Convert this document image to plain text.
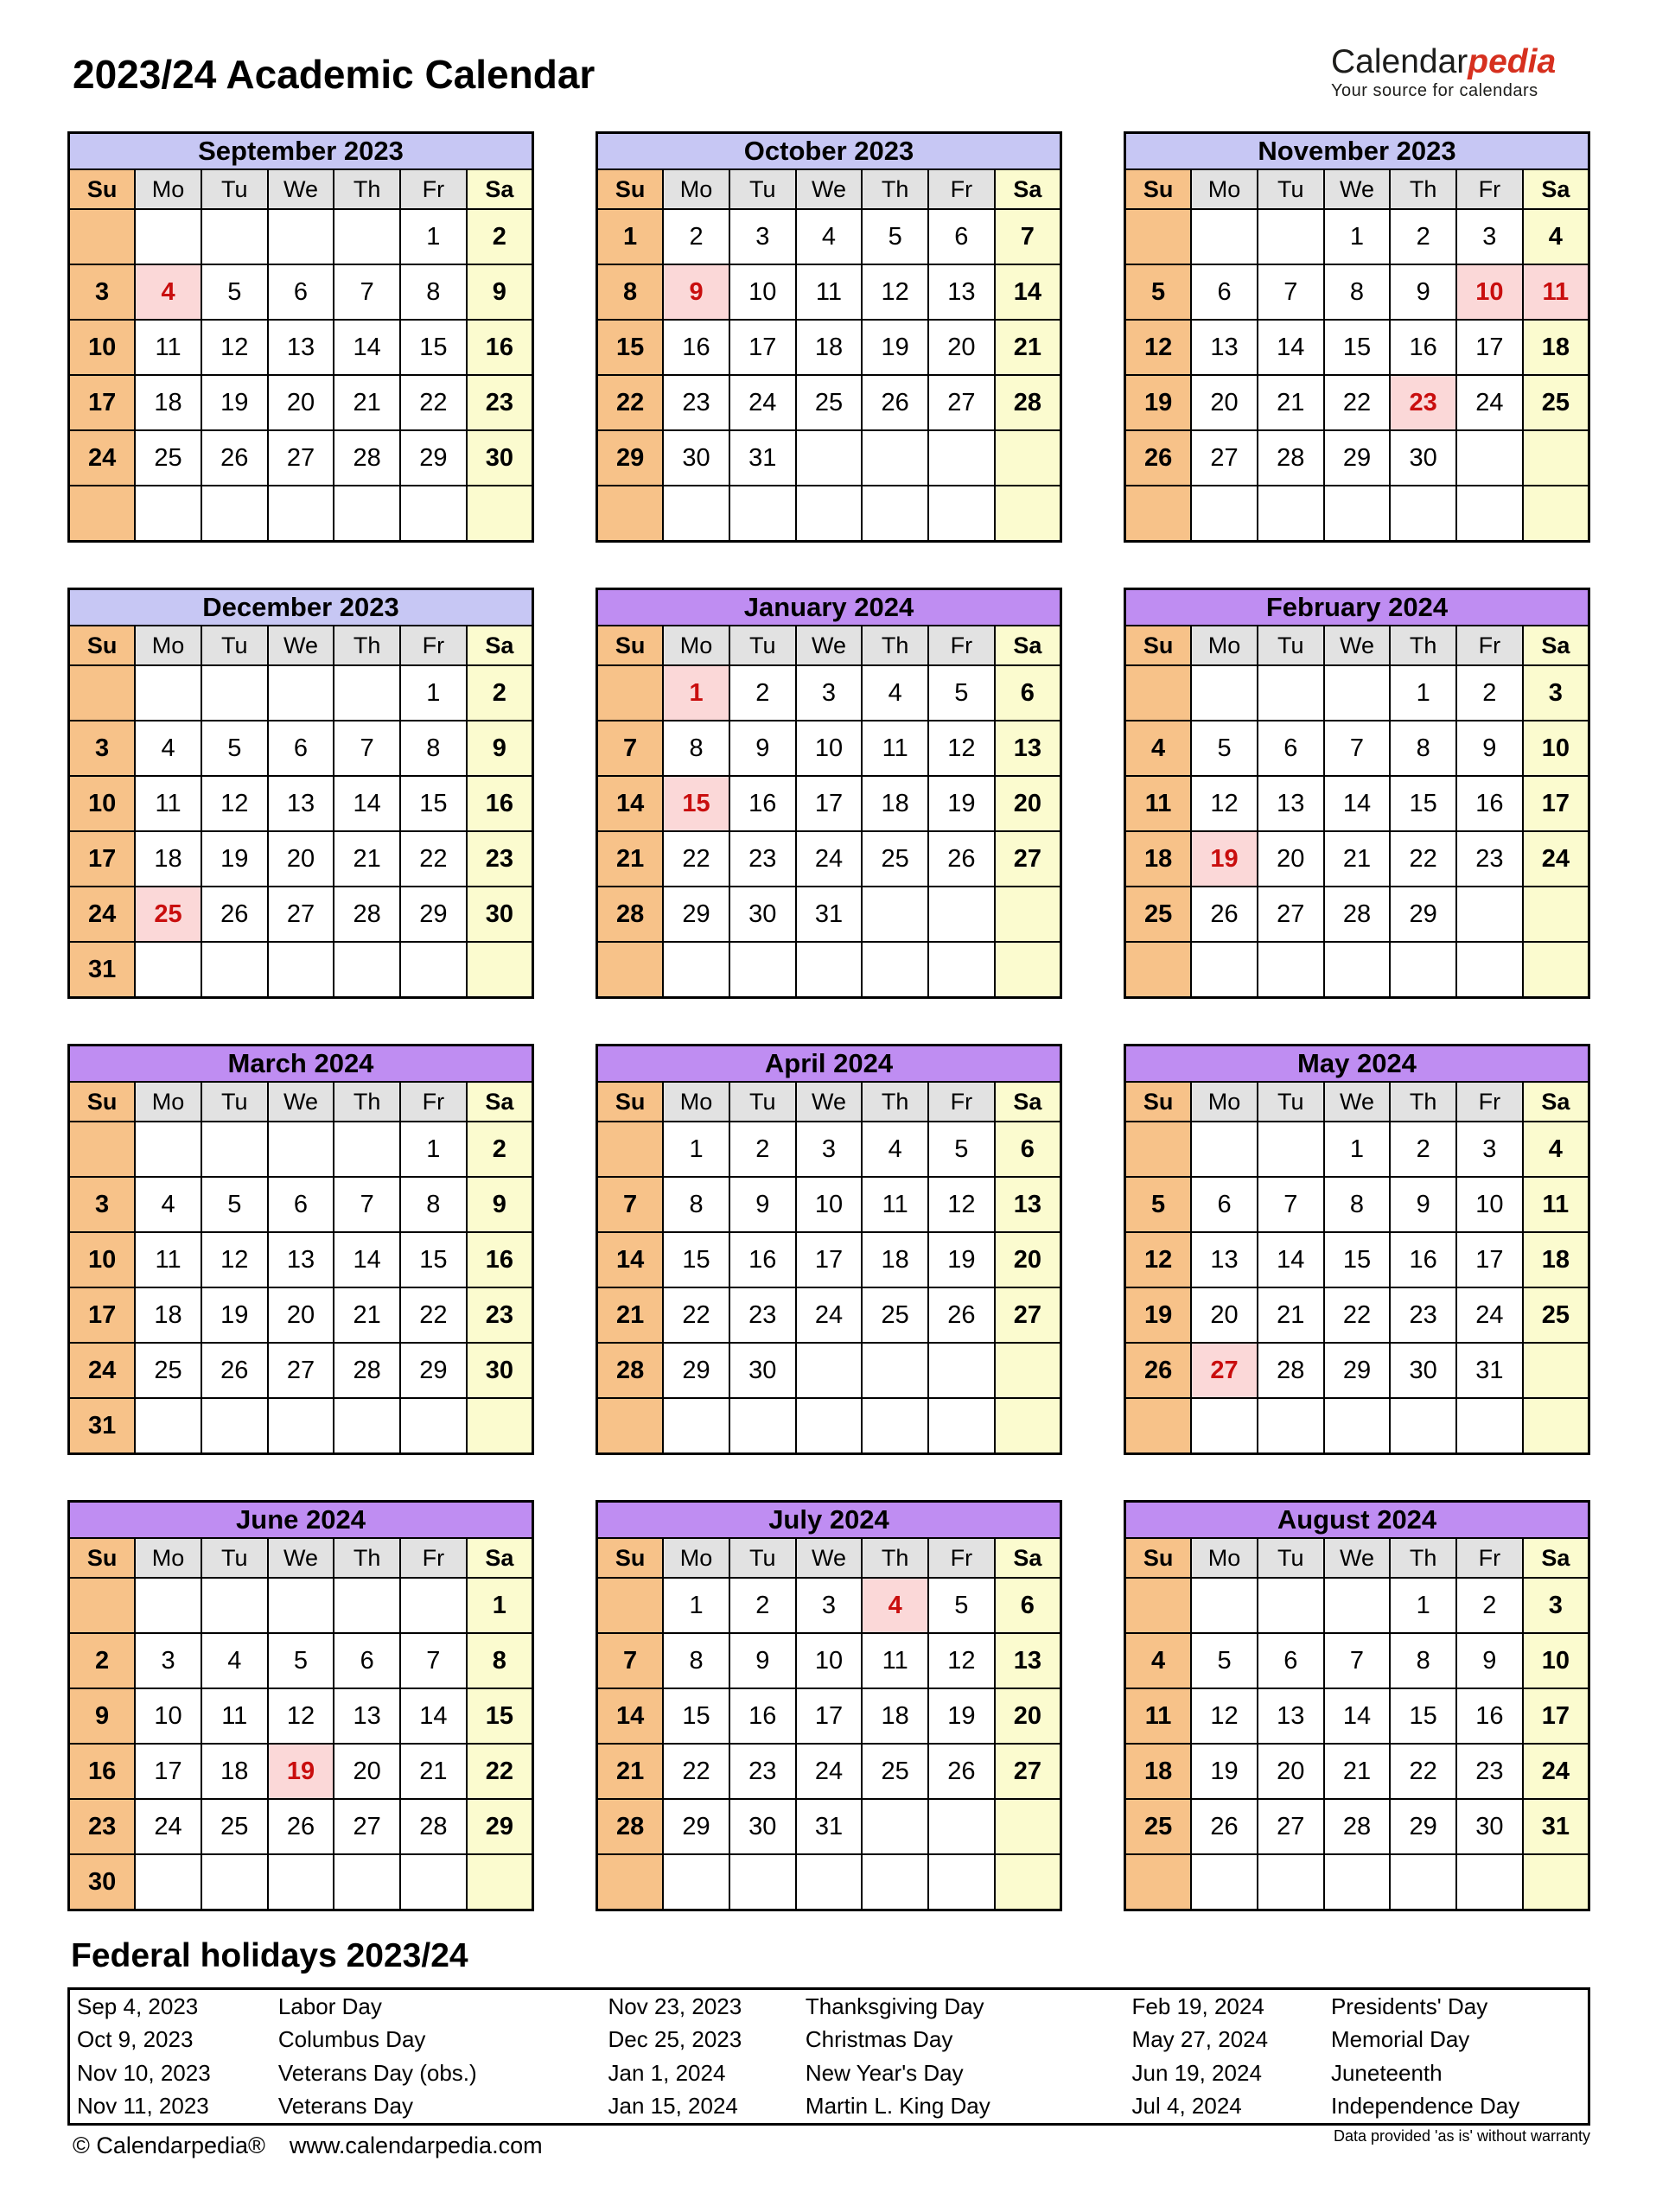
2023/24 Academic Calendar	Calendarpedia
Your source for calendars
September 2023						
Su	Mo	Tu	We	Th	Fr	Sa
					1	2
3	4	5	6	7	8	9
10	11	12	13	14	15	16
17	18	19	20	21	22	23
24	25	26	27	28	29	30

October 2023						
Su	Mo	Tu	We	Th	Fr	Sa
1	2	3	4	5	6	7
8	9	10	11	12	13	14
15	16	17	18	19	20	21
22	23	24	25	26	27	28
29	30	31				

November 2023						
Su	Mo	Tu	We	Th	Fr	Sa
			1	2	3	4
5	6	7	8	9	10	11
12	13	14	15	16	17	18
19	20	21	22	23	24	25
26	27	28	29	30		

December 2023						
Su	Mo	Tu	We	Th	Fr	Sa
					1	2
3	4	5	6	7	8	9
10	11	12	13	14	15	16
17	18	19	20	21	22	23
24	25	26	27	28	29	30
31						
January 2024						
Su	Mo	Tu	We	Th	Fr	Sa
	1	2	3	4	5	6
7	8	9	10	11	12	13
14	15	16	17	18	19	20
21	22	23	24	25	26	27
28	29	30	31			

February 2024						
Su	Mo	Tu	We	Th	Fr	Sa
				1	2	3
4	5	6	7	8	9	10
11	12	13	14	15	16	17
18	19	20	21	22	23	24
25	26	27	28	29		

March 2024						
Su	Mo	Tu	We	Th	Fr	Sa
					1	2
3	4	5	6	7	8	9
10	11	12	13	14	15	16
17	18	19	20	21	22	23
24	25	26	27	28	29	30
31						
April 2024						
Su	Mo	Tu	We	Th	Fr	Sa
	1	2	3	4	5	6
7	8	9	10	11	12	13
14	15	16	17	18	19	20
21	22	23	24	25	26	27
28	29	30				

May 2024						
Su	Mo	Tu	We	Th	Fr	Sa
			1	2	3	4
5	6	7	8	9	10	11
12	13	14	15	16	17	18
19	20	21	22	23	24	25
26	27	28	29	30	31	

June 2024						
Su	Mo	Tu	We	Th	Fr	Sa
						1
2	3	4	5	6	7	8
9	10	11	12	13	14	15
16	17	18	19	20	21	22
23	24	25	26	27	28	29
30						
July 2024						
Su	Mo	Tu	We	Th	Fr	Sa
	1	2	3	4	5	6
7	8	9	10	11	12	13
14	15	16	17	18	19	20
21	22	23	24	25	26	27
28	29	30	31			

August 2024						
Su	Mo	Tu	We	Th	Fr	Sa
				1	2	3
4	5	6	7	8	9	10
11	12	13	14	15	16	17
18	19	20	21	22	23	24
25	26	27	28	29	30	31

Federal holidays 2023/24
Sep 4, 2023	Labor Day	Nov 23, 2023	Thanksgiving Day	Feb 19, 2024	Presidents' Day
Oct 9, 2023	Columbus Day	Dec 25, 2023	Christmas Day	May 27, 2024	Memorial Day
Nov 10, 2023	Veterans Day (obs.)	Jan 1, 2024	New Year's Day	Jun 19, 2024	Juneteenth
Nov 11, 2023	Veterans Day	Jan 15, 2024	Martin L. King Day	Jul 4, 2024	Independence Day
© Calendarpedia® www.calendarpedia.com	Data provided 'as is' without warranty
